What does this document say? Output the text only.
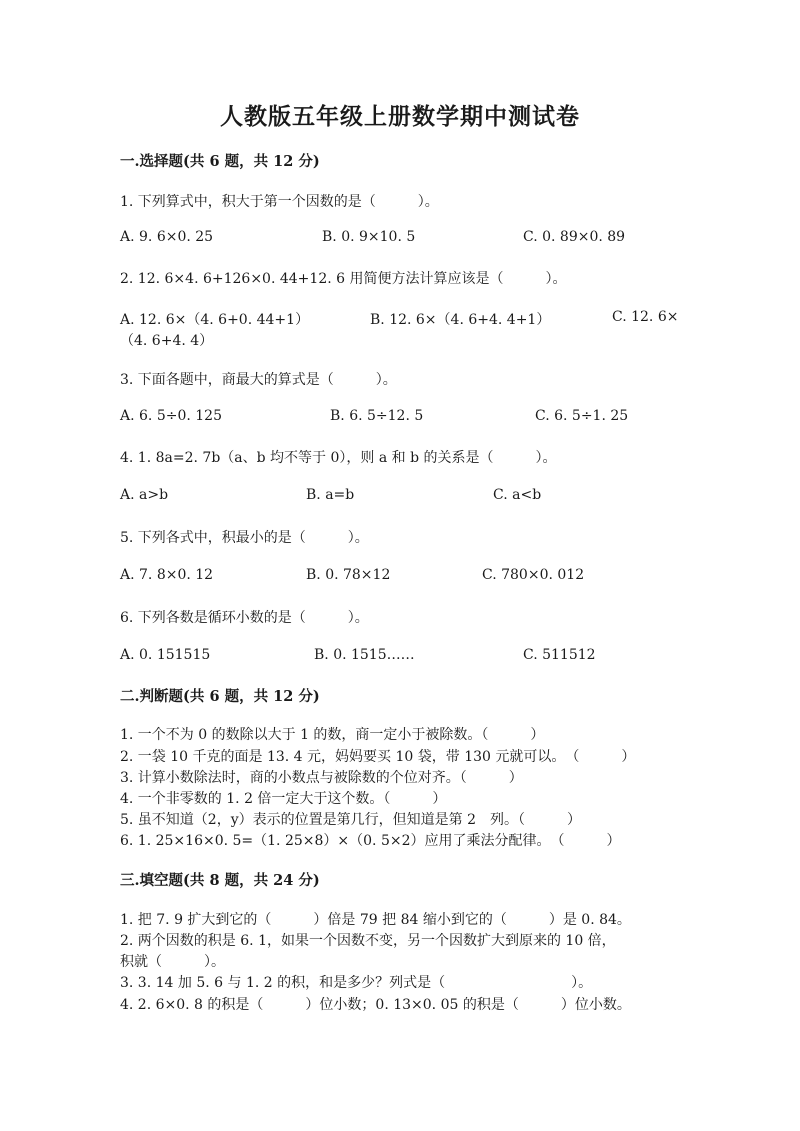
人教版五年级上册数学期中测试卷
一.选择题(共 6 题，共 12 分)
1. 下列算式中，积大于第一个因数的是（　　　）。
A. 9. 6×0. 25	B. 0. 9×10. 5	C. 0. 89×0. 89
2. 12. 6×4. 6+126×0. 44+12. 6 用简便方法计算应该是（　　　）。
A. 12. 6×（4. 6+0. 44+1）	B. 12. 6×（4. 6+4. 4+1）	C. 12. 6×
（4. 6+4. 4）
3. 下面各题中，商最大的算式是（　　　）。
A. 6. 5÷0. 125	B. 6. 5÷12. 5	C. 6. 5÷1. 25
4. 1. 8a=2. 7b（a、b 均不等于 0），则 a 和 b 的关系是（　　　）。
A. a>b	B. a=b	C. a<b
5. 下列各式中，积最小的是（　　　）。
A. 7. 8×0. 12	B. 0. 78×12	C. 780×0. 012
6. 下列各数是循环小数的是（　　　）。
A. 0. 151515	B. 0. 1515……	C. 511512
二.判断题(共 6 题，共 12 分)
1. 一个不为 0 的数除以大于 1 的数，商一定小于被除数。（　　　）
2. 一袋 10 千克的面是 13. 4 元，妈妈要买 10 袋，带 130 元就可以。　（　　　）
3. 计算小数除法时，商的小数点与被除数的个位对齐。（　　　）
4. 一个非零数的 1. 2 倍一定大于这个数。（　　　）
5. 虽不知道（2，y）表示的位置是第几行，但知道是第 2　列。（　　　）
6. 1. 25×16×0. 5=（1. 25×8）×（0. 5×2）应用了乘法分配律。　（　　　）
三.填空题(共 8 题，共 24 分)
1. 把 7. 9 扩大到它的（　　　）倍是 79 把 84 缩小到它的（　　　）是 0. 84。
2. 两个因数的积是 6. 1，如果一个因数不变，另一个因数扩大到原来的 10 倍，
积就（　　　）。
3. 3. 14 加 5. 6 与 1. 2 的积，和是多少？列式是（　　　　　　　　　）。
4. 2. 6×0. 8 的积是（　　　）位小数；0. 13×0. 05 的积是（　　　）位小数。
